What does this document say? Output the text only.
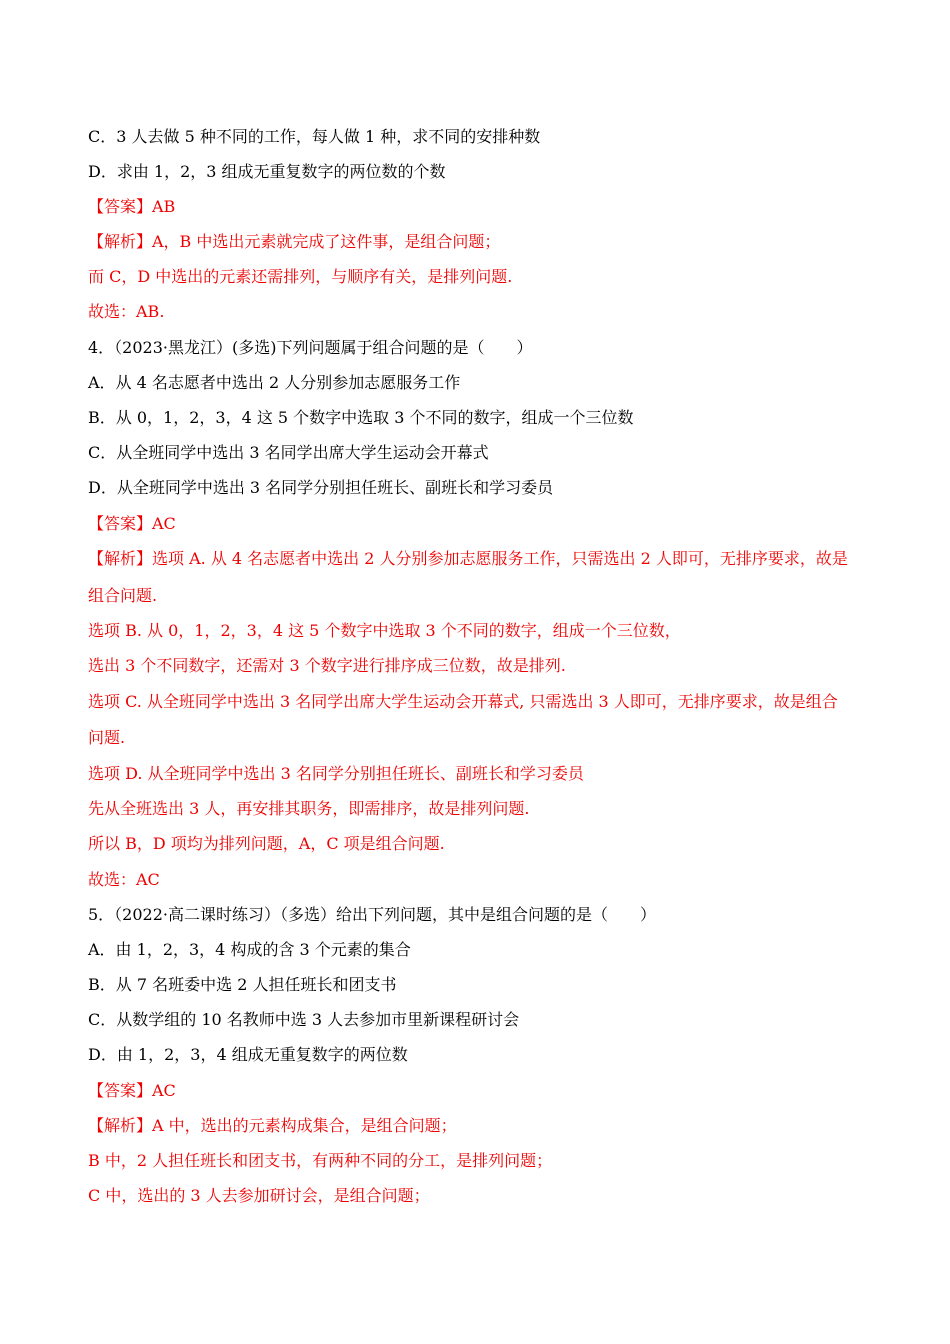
C．3 人去做 5 种不同的工作，每人做 1 种，求不同的安排种数
D．求由 1，2，3 组成无重复数字的两位数的个数
【答案】AB
【解析】A，B 中选出元素就完成了这件事，是组合问题；
而 C，D 中选出的元素还需排列，与顺序有关，是排列问题.
故选：AB.
4．（2023·黑龙江）(多选)下列问题属于组合问题的是（　　）
A．从 4 名志愿者中选出 2 人分别参加志愿服务工作
B．从 0，1，2，3，4 这 5 个数字中选取 3 个不同的数字，组成一个三位数
C．从全班同学中选出 3 名同学出席大学生运动会开幕式
D．从全班同学中选出 3 名同学分别担任班长、副班长和学习委员
【答案】AC
【解析】选项 A. 从 4 名志愿者中选出 2 人分别参加志愿服务工作，只需选出 2 人即可，无排序要求，故是
组合问题.
选项 B. 从 0，1，2，3，4 这 5 个数字中选取 3 个不同的数字，组成一个三位数，
选出 3 个不同数字，还需对 3 个数字进行排序成三位数，故是排列.
选项 C. 从全班同学中选出 3 名同学出席大学生运动会开幕式, 只需选出 3 人即可，无排序要求，故是组合
问题.
选项 D. 从全班同学中选出 3 名同学分别担任班长、副班长和学习委员
先从全班选出 3 人，再安排其职务，即需排序，故是排列问题.
所以 B，D 项均为排列问题，A，C 项是组合问题.
故选：AC
5．（2022·高二课时练习）（多选）给出下列问题，其中是组合问题的是（　　）
A．由 1，2，3，4 构成的含 3 个元素的集合
B．从 7 名班委中选 2 人担任班长和团支书
C．从数学组的 10 名教师中选 3 人去参加市里新课程研讨会
D．由 1，2，3，4 组成无重复数字的两位数
【答案】AC
【解析】A 中，选出的元素构成集合，是组合问题；
B 中，2 人担任班长和团支书，有两种不同的分工，是排列问题；
C 中，选出的 3 人去参加研讨会，是组合问题；
